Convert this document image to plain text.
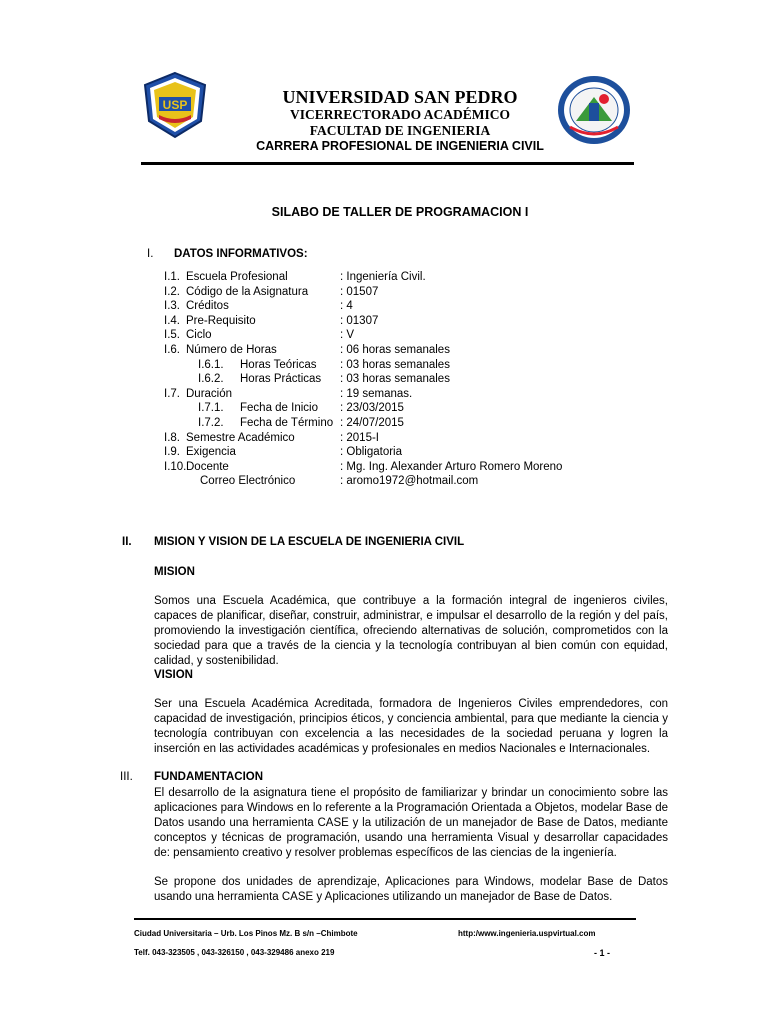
USP	UNIVERSIDAD SAN PEDRO
VICERRECTORADO ACADÉMICO
FACULTAD DE INGENIERIA
CARRERA PROFESIONAL DE INGENIERIA CIVIL
SILABO DE TALLER DE PROGRAMACION I
I. DATOS INFORMATIVOS:
I.1. Escuela Profesional	: Ingeniería Civil.
I.2. Código de la Asignatura	: 01507
I.3. Créditos	: 4
I.4. Pre-Requisito	: 01307
I.5. Ciclo	: V
I.6. Número de Horas	: 06 horas semanales
I.6.1. Horas Teóricas : 03 horas semanales
I.6.2. Horas Prácticas : 03 horas semanales
I.7. Duración	: 19 semanas.
I.7.1. Fecha de Inicio : 23/03/2015
I.7.2. Fecha de Término : 24/07/2015
I.8. Semestre Académico	: 2015-I
I.9. Exigencia	: Obligatoria
I.10. Docente	: Mg. Ing. Alexander Arturo Romero Moreno
Correo Electrónico	: aromo1972@hotmail.com
II. MISION Y VISION DE LA ESCUELA DE INGENIERIA CIVIL
MISION
Somos una Escuela Académica, que contribuye a la formación integral de ingenieros civiles, capaces de planificar, diseñar, construir, administrar, e impulsar el desarrollo de la región y del país, promoviendo la investigación científica, ofreciendo alternativas de solución, comprometidos con la sociedad para que a través de la ciencia y la tecnología contribuyan al bien común con equidad, calidad, y sostenibilidad.
VISION
Ser una Escuela Académica Acreditada, formadora de Ingenieros Civiles emprendedores, con capacidad de investigación, principios éticos, y conciencia ambiental, para que mediante la ciencia y tecnología contribuyan con excelencia a las necesidades de la sociedad peruana y logren la inserción en las actividades académicas y profesionales en medios Nacionales e Internacionales.
III. FUNDAMENTACION
El desarrollo de la asignatura tiene el propósito de familiarizar y brindar un conocimiento sobre las aplicaciones para Windows en lo referente a la Programación Orientada a Objetos, modelar Base de Datos usando una herramienta CASE y la utilización de un manejador de Base de Datos, mediante conceptos y técnicas de programación, usando una herramienta Visual y desarrollar capacidades de: pensamiento creativo y resolver problemas específicos de las ciencias de la ingeniería.
Se propone dos unidades de aprendizaje, Aplicaciones para Windows, modelar Base de Datos usando una herramienta CASE y Aplicaciones utilizando un manejador de Base de Datos.
Ciudad Universitaria – Urb. Los Pinos Mz. B s/n –Chimbote	http:/www.ingenieria.uspvirtual.com
Telf. 043-323505 , 043-326150 , 043-329486 anexo 219	- 1 -
